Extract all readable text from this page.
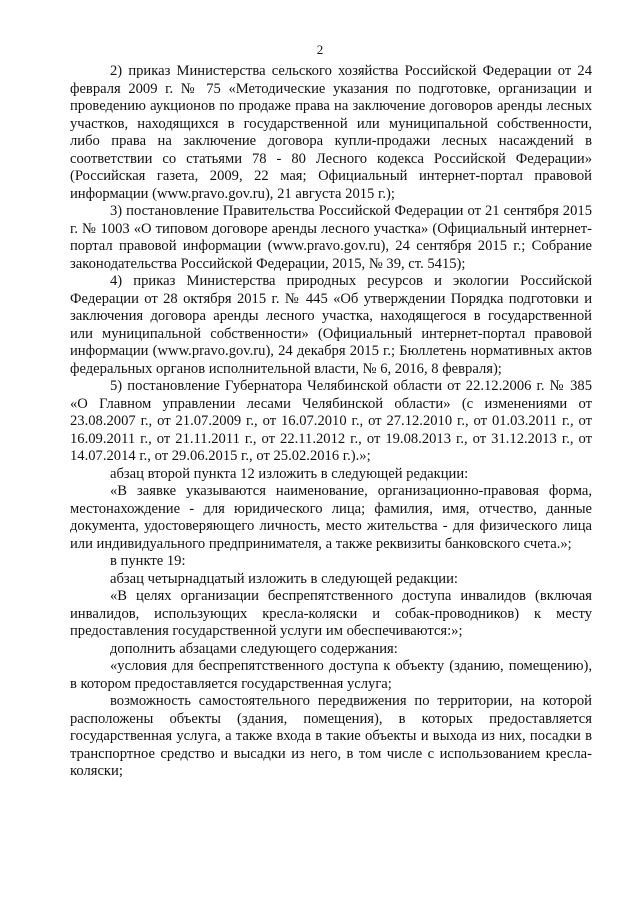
2

2) приказ Министерства сельского хозяйства Российской Федерации от 24 февраля 2009 г. № 75 «Методические указания по подготовке, организации и проведению аукционов по продаже права на заключение договоров аренды лесных участков, находящихся в государственной или муниципальной собственности, либо права на заключение договора купли-продажи лесных насаждений в соответствии со статьями 78 - 80 Лесного кодекса Российской Федерации» (Российская газета, 2009, 22 мая; Официальный интернет-портал правовой информации (www.pravo.gov.ru), 21 августа 2015 г.);

3) постановление Правительства Российской Федерации от 21 сентября 2015 г. № 1003 «О типовом договоре аренды лесного участка» (Официальный интернет-портал правовой информации (www.pravo.gov.ru), 24 сентября 2015 г.; Собрание законодательства Российской Федерации, 2015, № 39, ст. 5415);

4) приказ Министерства природных ресурсов и экологии Российской Федерации от 28 октября 2015 г. № 445 «Об утверждении Порядка подготовки и заключения договора аренды лесного участка, находящегося в государственной или муниципальной собственности» (Официальный интернет-портал правовой информации (www.pravo.gov.ru), 24 декабря 2015 г.; Бюллетень нормативных актов федеральных органов исполнительной власти, № 6, 2016, 8 февраля);

5) постановление Губернатора Челябинской области от 22.12.2006 г. № 385 «О Главном управлении лесами Челябинской области» (с изменениями от 23.08.2007 г., от 21.07.2009 г., от 16.07.2010 г., от 27.12.2010 г., от 01.03.2011 г., от 16.09.2011 г., от 21.11.2011 г., от 22.11.2012 г., от 19.08.2013 г., от 31.12.2013 г., от 14.07.2014 г., от 29.06.2015 г., от 25.02.2016 г.).»;

абзац второй пункта 12 изложить в следующей редакции:

«В заявке указываются наименование, организационно-правовая форма, местонахождение - для юридического лица; фамилия, имя, отчество, данные документа, удостоверяющего личность, место жительства - для физического лица или индивидуального предпринимателя, а также реквизиты банковского счета.»;

в пункте 19:

абзац четырнадцатый изложить в следующей редакции:

«В целях организации беспрепятственного доступа инвалидов (включая инвалидов, использующих кресла-коляски и собак-проводников) к месту предоставления государственной услуги им обеспечиваются:»;

дополнить абзацами следующего содержания:

«условия для беспрепятственного доступа к объекту (зданию, помещению), в котором предоставляется государственная услуга;

возможность самостоятельного передвижения по территории, на которой расположены объекты (здания, помещения), в которых предоставляется государственная услуга, а также входа в такие объекты и выхода из них, посадки в транспортное средство и высадки из него, в том числе с использованием кресла-коляски;
